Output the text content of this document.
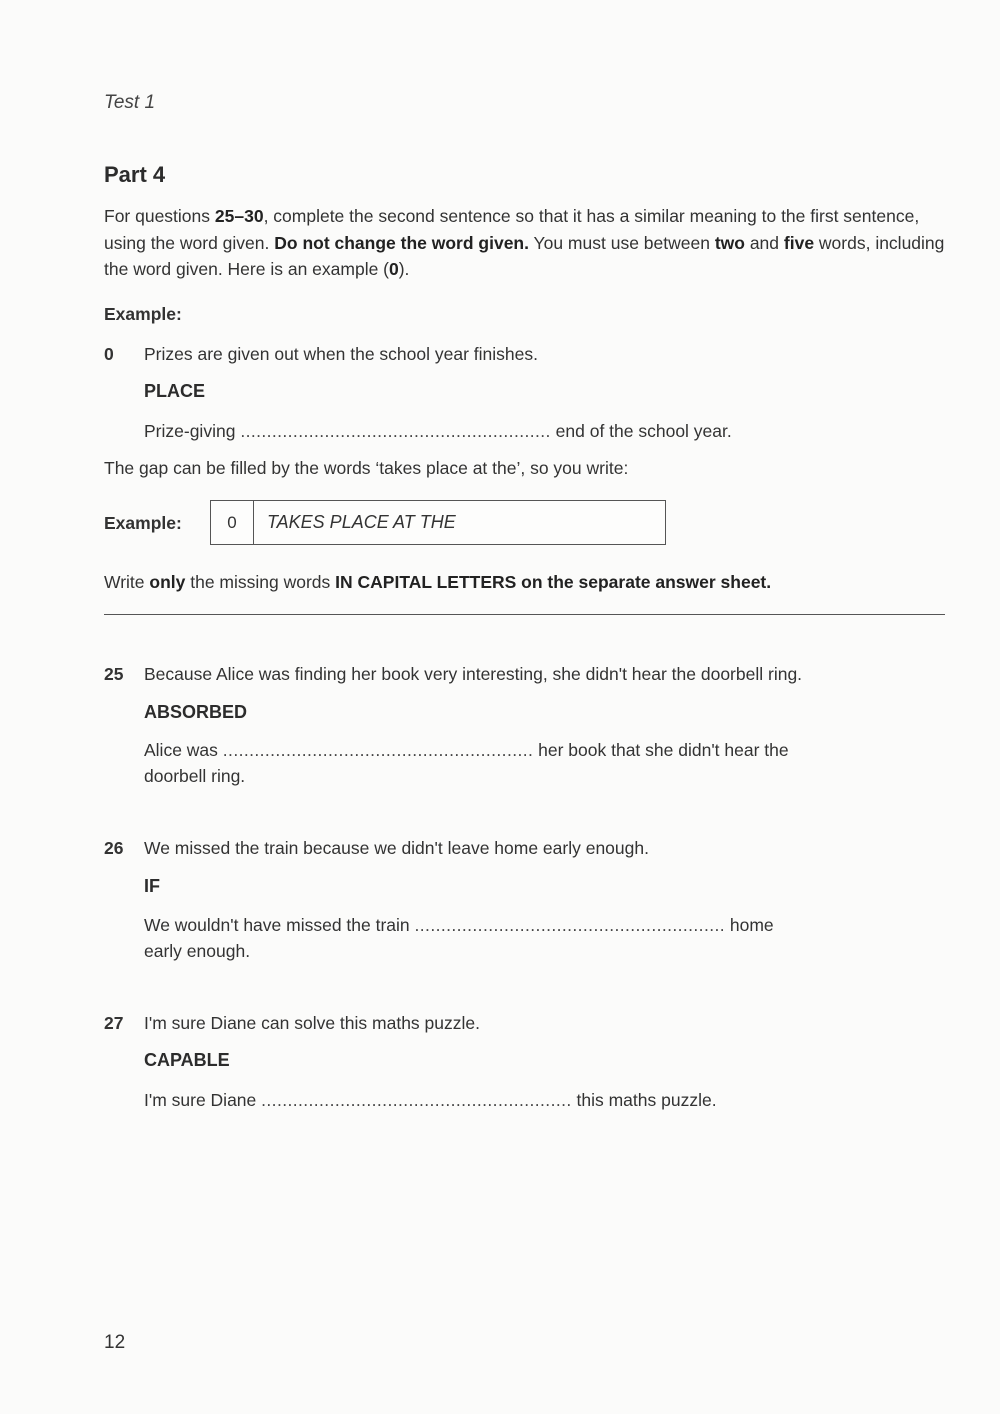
Test 1
Part 4
For questions 25–30, complete the second sentence so that it has a similar meaning to the first sentence, using the word given. Do not change the word given. You must use between two and five words, including the word given. Here is an example (0).
Example:
0 Prizes are given out when the school year finishes.
PLACE
Prize-giving ........................................................... end of the school year.
The gap can be filled by the words ‘takes place at the’, so you write:
Example:	0	TAKES PLACE AT THE
Write only the missing words IN CAPITAL LETTERS on the separate answer sheet.
25 Because Alice was finding her book very interesting, she didn't hear the doorbell ring.
ABSORBED
Alice was ........................................................... her book that she didn't hear the
doorbell ring.
26 We missed the train because we didn't leave home early enough.
IF
We wouldn't have missed the train ........................................................... home
early enough.
27 I'm sure Diane can solve this maths puzzle.
CAPABLE
I'm sure Diane ........................................................... this maths puzzle.
12
